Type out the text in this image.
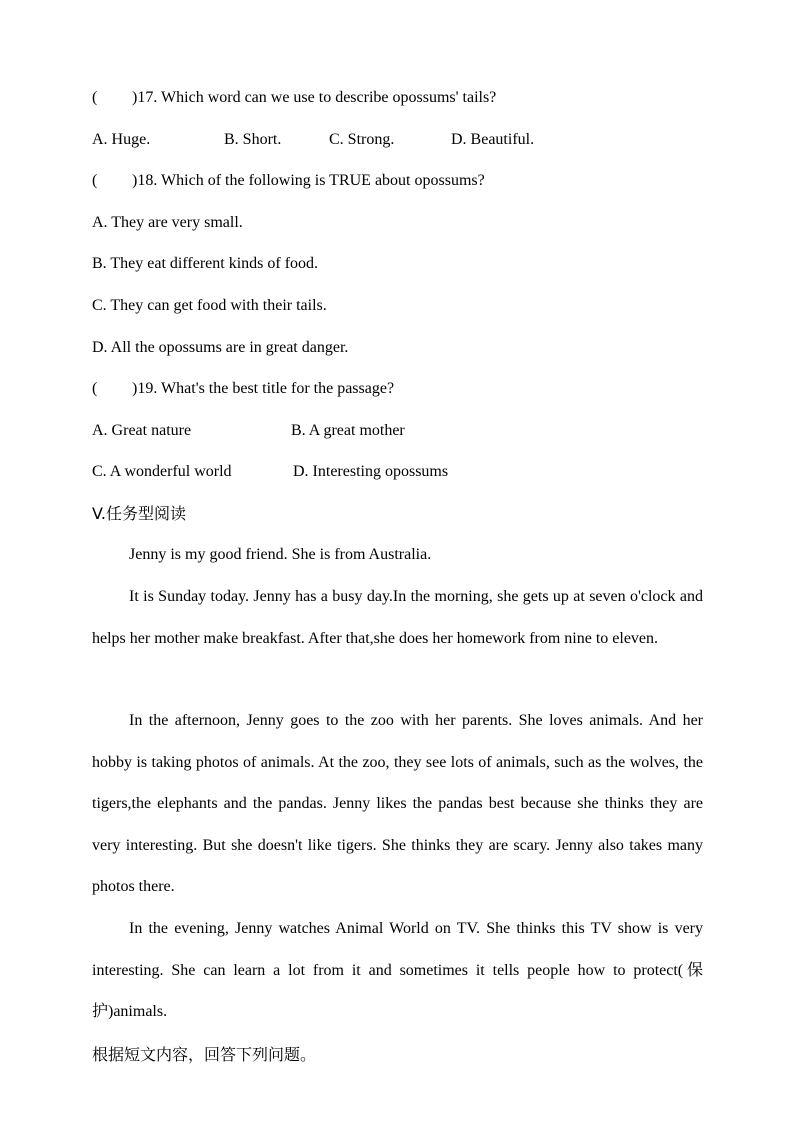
(	) 17. Which word can we use to describe opossums' tails?
A. Huge.	B. Short.	C. Strong.	D. Beautiful.
(	) 18. Which of the following is TRUE about opossums?
A. They are very small.
B. They eat different kinds of food.
C. They can get food with their tails.
D. All the opossums are in great danger.
(	) 19. What's the best title for the passage?
A. Great nature	B. A great mother
C. A wonderful world	D. Interesting opossums
V.任务型阅读

Jenny is my good friend. She is from Australia.

It is Sunday today. Jenny has a busy day.In the morning, she gets up at seven o'clock and helps her mother make breakfast. After that,she does her homework from nine to eleven.

In the afternoon, Jenny goes to the zoo with her parents. She loves animals. And her hobby is taking photos of animals. At the zoo, they see lots of animals, such as the wolves, the tigers,the elephants and the pandas. Jenny likes the pandas best because she thinks they are very interesting. But she doesn't like tigers. She thinks they are scary. Jenny also takes many photos there.

In the evening, Jenny watches Animal World on TV. She thinks this TV show is very interesting. She can learn a lot from it and sometimes it tells people how to protect(保护)animals.

根据短文内容，回答下列问题。
